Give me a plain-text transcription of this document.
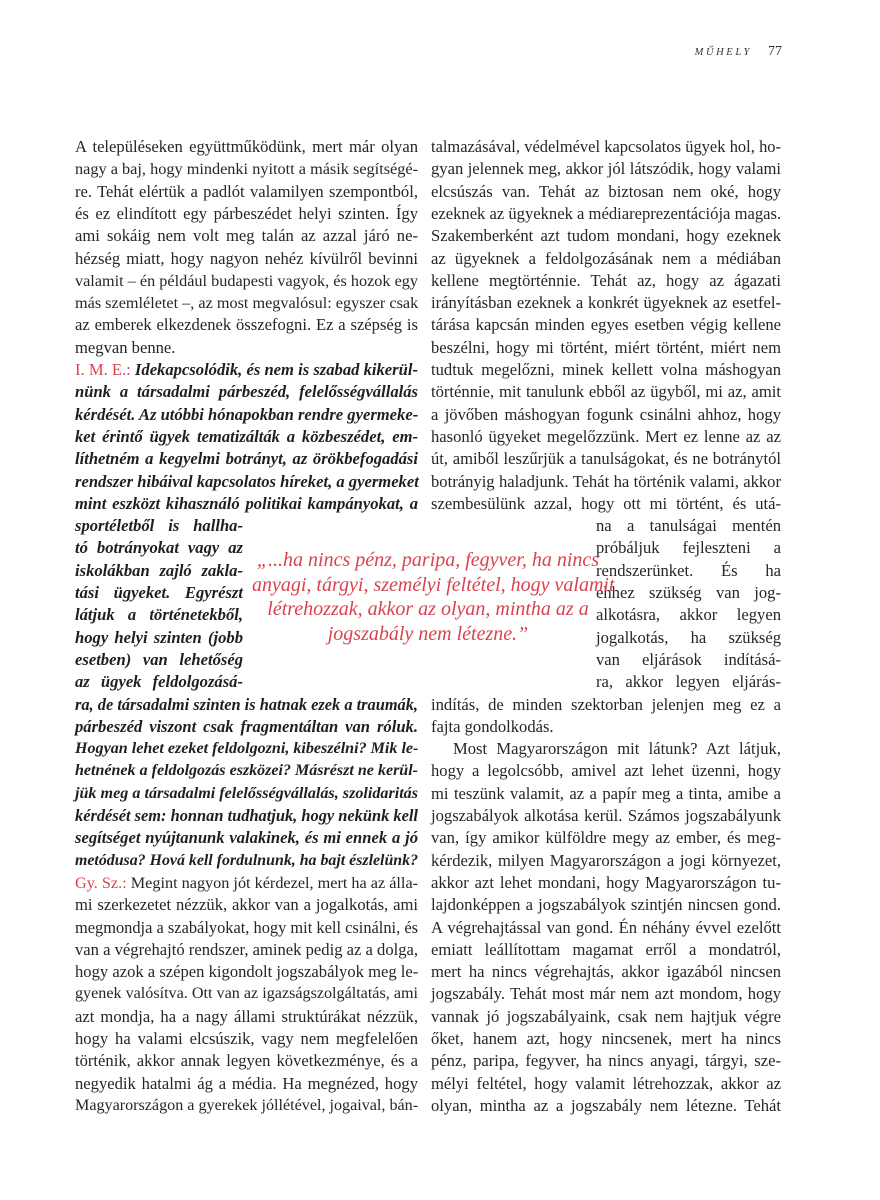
MŰHELY 77
A településeken együttműködünk, mert már olyan
nagy a baj, hogy mindenki nyitott a másik segítségé-
re. Tehát elértük a padlót valamilyen szempontból,
és ez elindított egy párbeszédet helyi szinten. Így
ami sokáig nem volt meg talán az azzal járó ne-
hézség miatt, hogy nagyon nehéz kívülről bevinni
valamit – én például budapesti vagyok, és hozok egy
más szemléletet –, az most megvalósul: egyszer csak
az emberek elkezdenek összefogni. Ez a szépség is
megvan benne.
I. M. E.: Idekapcsolódik, és nem is szabad kikerül-
nünk a társadalmi párbeszéd, felelősségvállalás
kérdését. Az utóbbi hónapokban rendre gyermeke-
ket érintő ügyek tematizálták a közbeszédet, em-
líthetném a kegyelmi botrányt, az örökbefogadási
rendszer hibáival kapcsolatos híreket, a gyermeket
mint eszközt kihasználó politikai kampányokat, a
sportéletből is hallha-
tó botrányokat vagy az
iskolákban zajló zakla-
tási ügyeket. Egyrészt
látjuk a történetekből,
hogy helyi szinten (jobb
esetben) van lehetőség
az ügyek feldolgozásá-
ra, de társadalmi szinten is hatnak ezek a traumák,
párbeszéd viszont csak fragmentáltan van róluk.
Hogyan lehet ezeket feldolgozni, kibeszélni? Mik le-
hetnének a feldolgozás eszközei? Másrészt ne kerül-
jük meg a társadalmi felelősségvállalás, szolidaritás
kérdését sem: honnan tudhatjuk, hogy nekünk kell
segítséget nyújtanunk valakinek, és mi ennek a jó
metódusa? Hová kell fordulnunk, ha bajt észlelünk?
Gy. Sz.: Megint nagyon jót kérdezel, mert ha az álla-
mi szerkezetet nézzük, akkor van a jogalkotás, ami
megmondja a szabályokat, hogy mit kell csinálni, és
van a végrehajtó rendszer, aminek pedig az a dolga,
hogy azok a szépen kigondolt jogszabályok meg le-
gyenek valósítva. Ott van az igazságszolgáltatás, ami
azt mondja, ha a nagy állami struktúrákat nézzük,
hogy ha valami elcsúszik, vagy nem megfelelően
történik, akkor annak legyen következménye, és a
negyedik hatalmi ág a média. Ha megnézed, hogy
Magyarországon a gyerekek jóllétével, jogaival, bán-
talmazásával, védelmével kapcsolatos ügyek hol, ho-
gyan jelennek meg, akkor jól látszódik, hogy valami
elcsúszás van. Tehát az biztosan nem oké, hogy
ezeknek az ügyeknek a médiareprezentációja magas.
Szakemberként azt tudom mondani, hogy ezeknek
az ügyeknek a feldolgozásának nem a médiában
kellene megtörténnie. Tehát az, hogy az ágazati
irányításban ezeknek a konkrét ügyeknek az esetfel-
tárása kapcsán minden egyes esetben végig kellene
beszélni, hogy mi történt, miért történt, miért nem
tudtuk megelőzni, minek kellett volna máshogyan
történnie, mit tanulunk ebből az ügyből, mi az, amit
a jövőben máshogyan fogunk csinálni ahhoz, hogy
hasonló ügyeket megelőzzünk. Mert ez lenne az az
út, amiből leszűrjük a tanulságokat, és ne botránytól
botrányig haladjunk. Tehát ha történik valami, akkor
szembesülünk azzal, hogy ott mi történt, és utá-
na a tanulságai mentén
próbáljuk fejleszteni a
rendszerünket. És ha
ehhez szükség van jog-
alkotásra, akkor legyen
jogalkotás, ha szükség
van eljárások indításá-
ra, akkor legyen eljárás-
indítás, de minden szektorban jelenjen meg ez a
fajta gondolkodás.
Most Magyarországon mit látunk? Azt látjuk,
hogy a legolcsóbb, amivel azt lehet üzenni, hogy
mi teszünk valamit, az a papír meg a tinta, amibe a
jogszabályok alkotása kerül. Számos jogszabályunk
van, így amikor külföldre megy az ember, és meg-
kérdezik, milyen Magyarországon a jogi környezet,
akkor azt lehet mondani, hogy Magyarországon tu-
lajdonképpen a jogszabályok szintjén nincsen gond.
A végrehajtással van gond. Én néhány évvel ezelőtt
emiatt leállítottam magamat erről a mondatról,
mert ha nincs végrehajtás, akkor igazából nincsen
jogszabály. Tehát most már nem azt mondom, hogy
vannak jó jogszabályaink, csak nem hajtjuk végre
őket, hanem azt, hogy nincsenek, mert ha nincs
pénz, paripa, fegyver, ha nincs anyagi, tárgyi, sze-
mélyi feltétel, hogy valamit létrehozzak, akkor az
olyan, mintha az a jogszabály nem létezne. Tehát
„...ha nincs pénz, paripa, fegyver, ha nincs
anyagi, tárgyi, személyi feltétel, hogy valamit
létrehozzak, akkor az olyan, mintha az a
jogszabály nem létezne.”
